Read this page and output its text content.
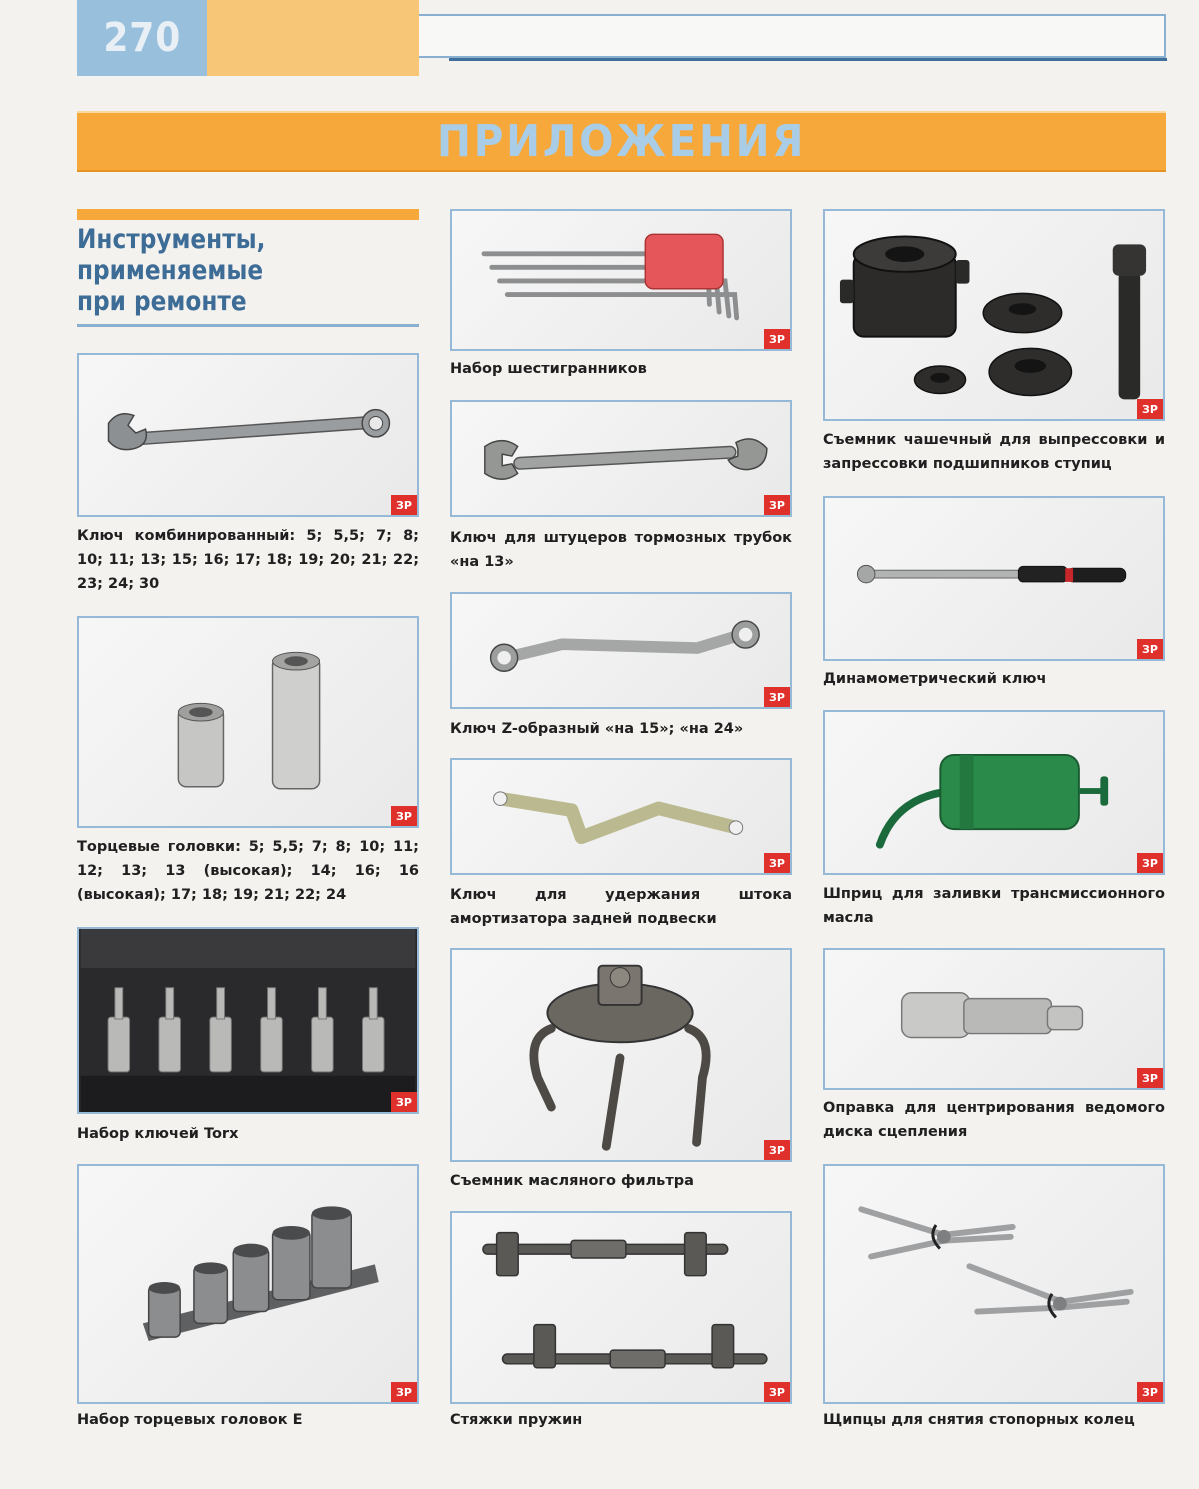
270
ПРИЛОЖЕНИЯ
Инструменты,
применяемые
при ремонте
ЗР
Ключ комбинированный: 5; 5,5; 7; 8; 10; 11; 13; 15; 16; 17; 18; 19; 20; 21; 22; 23; 24; 30
ЗР
Торцевые головки: 5; 5,5; 7; 8; 10; 11; 12; 13; 13 (высокая); 14; 16; 16 (высокая); 17; 18; 19; 21; 22; 24
ЗР
Набор ключей Torx
ЗР
Набор торцевых головок E
ЗР
Набор шестигранников
ЗР
Ключ для штуцеров тормозных трубок «на 13»
ЗР
Ключ Z-образный «на 15»; «на 24»
ЗР
Ключ для удержания штока амортизатора задней подвески
ЗР
Съемник масляного фильтра
ЗР
Стяжки пружин
ЗР
Съемник чашечный для выпрессовки и запрессовки подшипников ступиц
ЗР
Динамометрический ключ
ЗР
Шприц для заливки трансмиссионного масла
ЗР
Оправка для центрирования ведомого диска сцепления
ЗР
Щипцы для снятия стопорных колец
